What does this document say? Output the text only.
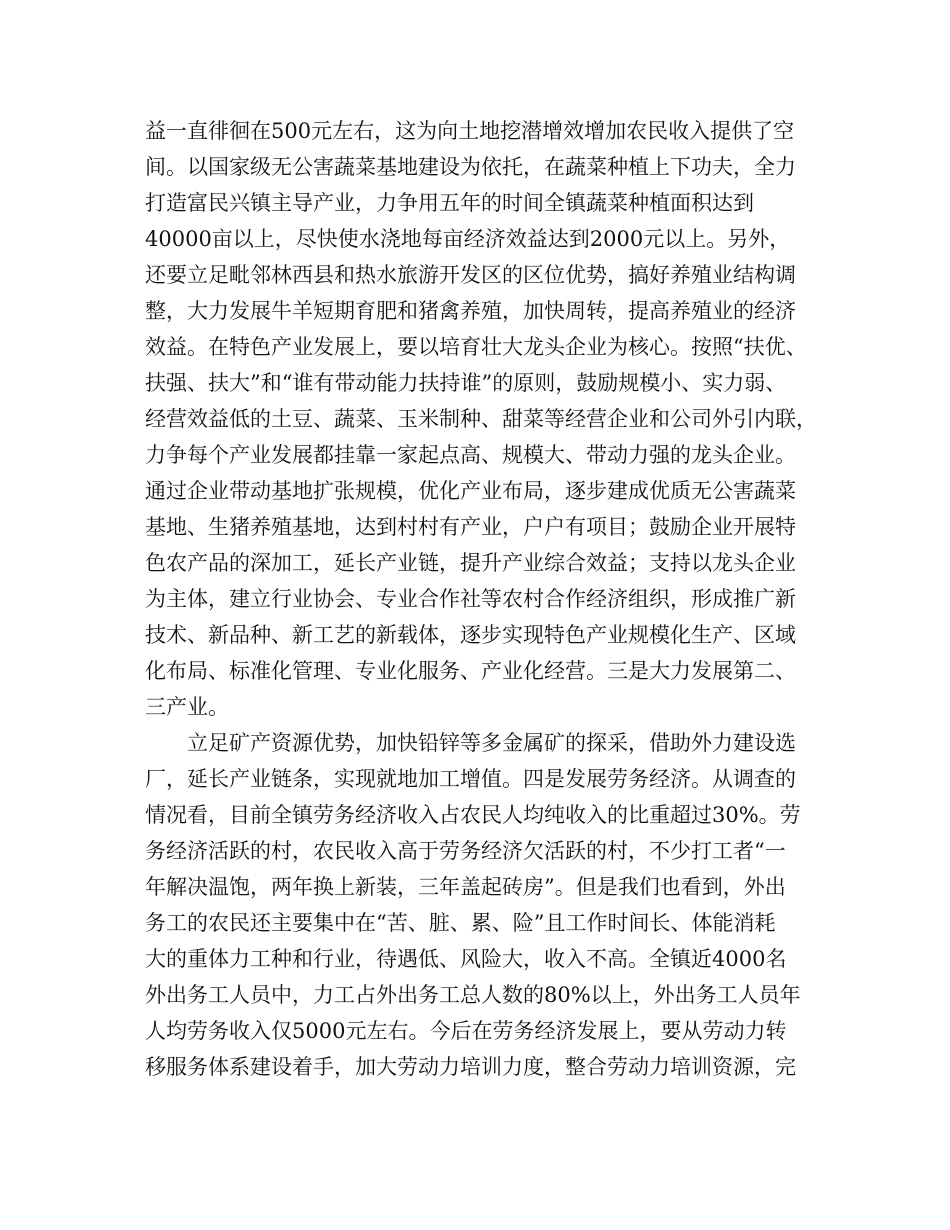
益一直徘徊在500元左右，这为向土地挖潜增效增加农民收入提供了空
间。以国家级无公害蔬菜基地建设为依托，在蔬菜种植上下功夫，全力
打造富民兴镇主导产业，力争用五年的时间全镇蔬菜种植面积达到
40000亩以上，尽快使水浇地每亩经济效益达到2000元以上。另外，
还要立足毗邻林西县和热水旅游开发区的区位优势，搞好养殖业结构调
整，大力发展牛羊短期育肥和猪禽养殖，加快周转，提高养殖业的经济
效益。在特色产业发展上，要以培育壮大龙头企业为核心。按照“扶优、
扶强、扶大”和“谁有带动能力扶持谁”的原则，鼓励规模小、实力弱、
经营效益低的土豆、蔬菜、玉米制种、甜菜等经营企业和公司外引内联，
力争每个产业发展都挂靠一家起点高、规模大、带动力强的龙头企业。
通过企业带动基地扩张规模，优化产业布局，逐步建成优质无公害蔬菜
基地、生猪养殖基地，达到村村有产业，户户有项目；鼓励企业开展特
色农产品的深加工，延长产业链，提升产业综合效益；支持以龙头企业
为主体，建立行业协会、专业合作社等农村合作经济组织，形成推广新
技术、新品种、新工艺的新载体，逐步实现特色产业规模化生产、区域
化布局、标准化管理、专业化服务、产业化经营。三是大力发展第二、
三产业。
立足矿产资源优势，加快铅锌等多金属矿的探采，借助外力建设选
厂，延长产业链条，实现就地加工增值。四是发展劳务经济。从调查的
情况看，目前全镇劳务经济收入占农民人均纯收入的比重超过30%。劳
务经济活跃的村，农民收入高于劳务经济欠活跃的村，不少打工者“一
年解决温饱，两年换上新装，三年盖起砖房”。但是我们也看到，外出
务工的农民还主要集中在“苦、脏、累、险”且工作时间长、体能消耗
大的重体力工种和行业，待遇低、风险大，收入不高。全镇近4000名
外出务工人员中，力工占外出务工总人数的80%以上，外出务工人员年
人均劳务收入仅5000元左右。今后在劳务经济发展上，要从劳动力转
移服务体系建设着手，加大劳动力培训力度，整合劳动力培训资源，完
